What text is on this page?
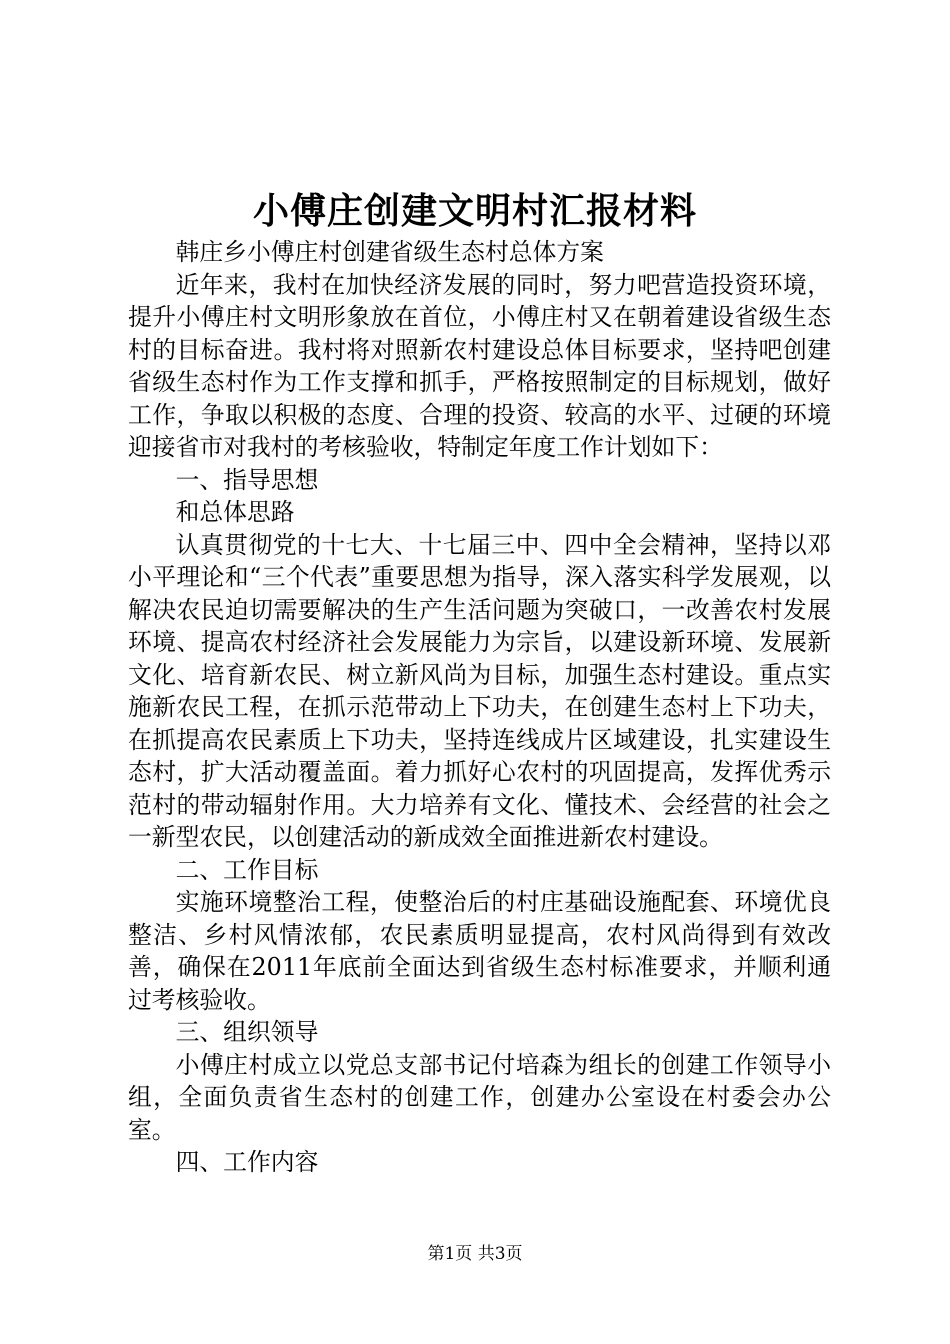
小傅庄创建文明村汇报材料

韩庄乡小傅庄村创建省级生态村总体方案

近年来，我村在加快经济发展的同时，努力吧营造投资环境，提升小傅庄村文明形象放在首位，小傅庄村又在朝着建设省级生态村的目标奋进。我村将对照新农村建设总体目标要求，坚持吧创建省级生态村作为工作支撑和抓手，严格按照制定的目标规划，做好工作，争取以积极的态度、合理的投资、较高的水平、过硬的环境迎接省市对我村的考核验收，特制定年度工作计划如下：

一、指导思想

和总体思路

认真贯彻党的十七大、十七届三中、四中全会精神，坚持以邓小平理论和“三个代表”重要思想为指导，深入落实科学发展观，以解决农民迫切需要解决的生产生活问题为突破口，一改善农村发展环境、提高农村经济社会发展能力为宗旨，以建设新环境、发展新文化、培育新农民、树立新风尚为目标，加强生态村建设。重点实施新农民工程，在抓示范带动上下功夫，在创建生态村上下功夫，在抓提高农民素质上下功夫，坚持连线成片区域建设，扎实建设生态村，扩大活动覆盖面。着力抓好心农村的巩固提高，发挥优秀示范村的带动辐射作用。大力培养有文化、懂技术、会经营的社会之一新型农民，以创建活动的新成效全面推进新农村建设。

二、工作目标

实施环境整治工程，使整治后的村庄基础设施配套、环境优良整洁、乡村风情浓郁，农民素质明显提高，农村风尚得到有效改善，确保在2011年底前全面达到省级生态村标准要求，并顺利通过考核验收。

三、组织领导

小傅庄村成立以党总支部书记付培森为组长的创建工作领导小组，全面负责省生态村的创建工作，创建办公室设在村委会办公室。

四、工作内容

第1页 共3页
